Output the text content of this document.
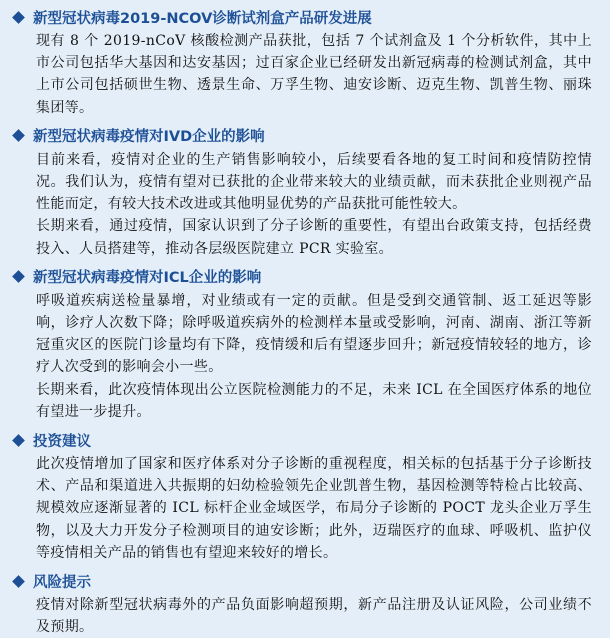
新型冠状病毒2019-NCOV诊断试剂盒产品研发进展

现有 8 个 2019-nCoV 核酸检测产品获批，包括 7 个试剂盒及 1 个分析软件，其中上市公司包括华大基因和达安基因；过百家企业已经研发出新冠病毒的检测试剂盒，其中上市公司包括硕世生物、透景生命、万孚生物、迪安诊断、迈克生物、凯普生物、丽珠集团等。

新型冠状病毒疫情对IVD企业的影响

目前来看，疫情对企业的生产销售影响较小，后续要看各地的复工时间和疫情防控情况。我们认为，疫情有望对已获批的企业带来较大的业绩贡献，而未获批企业则视产品性能而定，有较大技术改进或其他明显优势的产品获批可能性较大。

长期来看，通过疫情，国家认识到了分子诊断的重要性，有望出台政策支持，包括经费投入、人员搭建等，推动各层级医院建立 PCR 实验室。

新型冠状病毒疫情对ICL企业的影响

呼吸道疾病送检量暴增，对业绩或有一定的贡献。但是受到交通管制、返工延迟等影响，诊疗人次数下降；除呼吸道疾病外的检测样本量或受影响，河南、湖南、浙江等新冠重灾区的医院门诊量均有下降，疫情缓和后有望逐步回升；新冠疫情较轻的地方，诊疗人次受到的影响会小一些。

长期来看，此次疫情体现出公立医院检测能力的不足，未来 ICL 在全国医疗体系的地位有望进一步提升。

投资建议

此次疫情增加了国家和医疗体系对分子诊断的重视程度，相关标的包括基于分子诊断技术、产品和渠道进入共振期的妇幼检验领先企业凯普生物，基因检测等特检占比较高、规模效应逐渐显著的 ICL 标杆企业金域医学，布局分子诊断的 POCT 龙头企业万孚生物，以及大力开发分子检测项目的迪安诊断；此外，迈瑞医疗的血球、呼吸机、监护仪等疫情相关产品的销售也有望迎来较好的增长。

风险提示

疫情对除新型冠状病毒外的产品负面影响超预期，新产品注册及认证风险，公司业绩不及预期。
